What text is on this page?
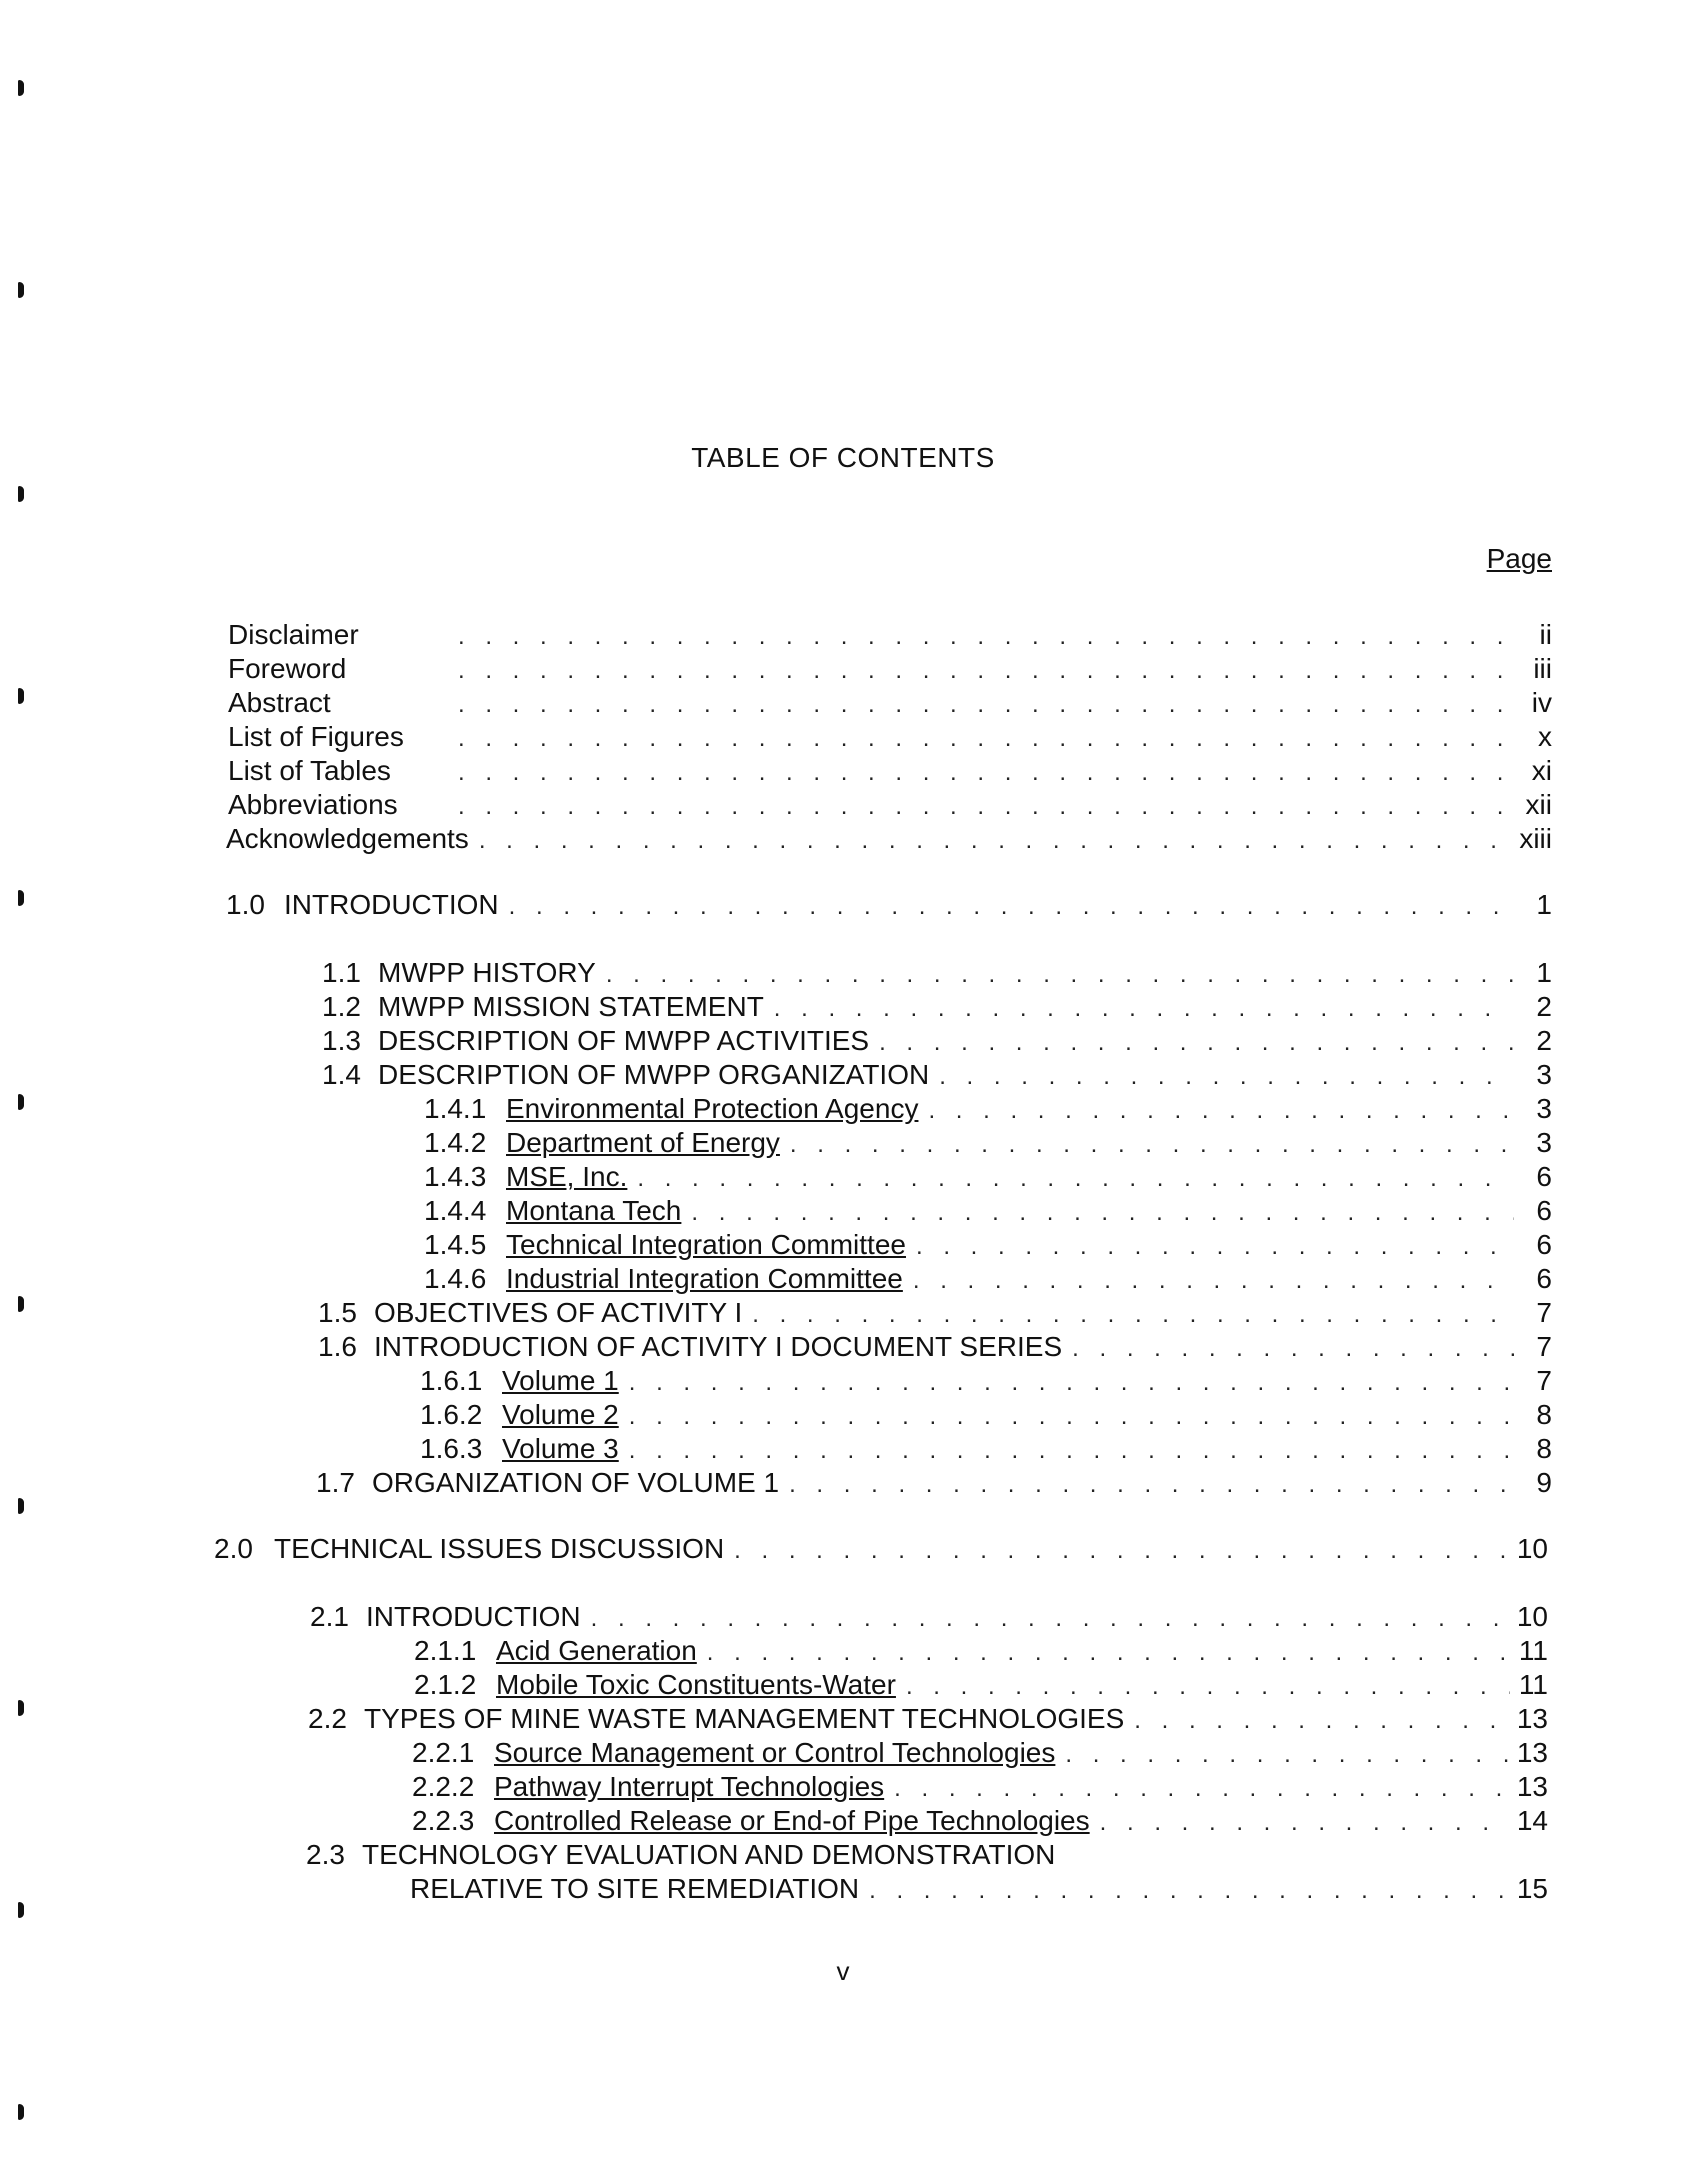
TABLE OF CONTENTS
Page
Disclaimer . . .	ii
Foreword . . .	iii
Abstract . . .	iv
List of Figures . . .	x
List of Tables . . .	xi
Abbreviations . . .	xii
Acknowledgements . . .	xiii
1.0 INTRODUCTION . . .	1
1.1 MWPP HISTORY . . .	1
1.2 MWPP MISSION STATEMENT . . .	2
1.3 DESCRIPTION OF MWPP ACTIVITIES . . .	2
1.4 DESCRIPTION OF MWPP ORGANIZATION . . .	3
1.4.1 Environmental Protection Agency . . .	3
1.4.2 Department of Energy . . .	3
1.4.3 MSE, Inc. . . .	6
1.4.4 Montana Tech . . .	6
1.4.5 Technical Integration Committee . . .	6
1.4.6 Industrial Integration Committee . . .	6
1.5 OBJECTIVES OF ACTIVITY I . . .	7
1.6 INTRODUCTION OF ACTIVITY I DOCUMENT SERIES . . .	7
1.6.1 Volume 1 . . .	7
1.6.2 Volume 2 . . .	8
1.6.3 Volume 3 . . .	8
1.7 ORGANIZATION OF VOLUME 1 . . .	9
2.0 TECHNICAL ISSUES DISCUSSION . . .	10
2.1 INTRODUCTION . . .	10
2.1.1 Acid Generation . . .	11
2.1.2 Mobile Toxic Constituents-Water . . .	11
2.2 TYPES OF MINE WASTE MANAGEMENT TECHNOLOGIES . . .	13
2.2.1 Source Management or Control Technologies . . .	13
2.2.2 Pathway Interrupt Technologies . . .	13
2.2.3 Controlled Release or End-of Pipe Technologies . . .	14
2.3 TECHNOLOGY EVALUATION AND DEMONSTRATION
RELATIVE TO SITE REMEDIATION . . .	15
v
